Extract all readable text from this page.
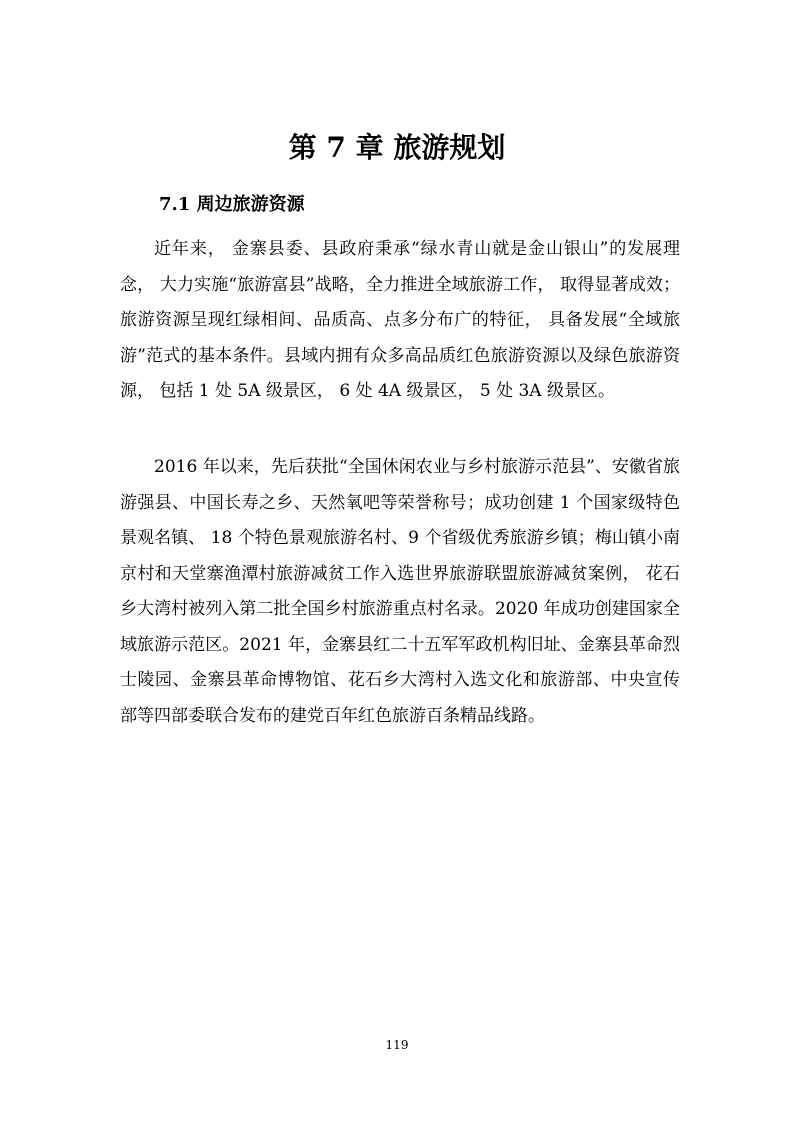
第 7 章 旅游规划
7.1 周边旅游资源

近年来， 金寨县委、县政府秉承“绿水青山就是金山银山”的发展理念， 大力实施“旅游富县”战略，全力推进全域旅游工作， 取得显著成效；旅游资源呈现红绿相间、品质高、点多分布广的特征， 具备发展“全域旅游”范式的基本条件。县域内拥有众多高品质红色旅游资源以及绿色旅游资源， 包括 1 处 5A 级景区， 6 处 4A 级景区， 5 处 3A 级景区。

2016 年以来，先后获批“全国休闲农业与乡村旅游示范县”、安徽省旅游强县、中国长寿之乡、天然氧吧等荣誉称号；成功创建 1 个国家级特色景观名镇、 18 个特色景观旅游名村、9 个省级优秀旅游乡镇；梅山镇小南京村和天堂寨渔潭村旅游减贫工作入选世界旅游联盟旅游减贫案例， 花石乡大湾村被列入第二批全国乡村旅游重点村名录。2020 年成功创建国家全域旅游示范区。2021 年，金寨县红二十五军军政机构旧址、金寨县革命烈士陵园、金寨县革命博物馆、花石乡大湾村入选文化和旅游部、中央宣传部等四部委联合发布的建党百年红色旅游百条精品线路。

119
